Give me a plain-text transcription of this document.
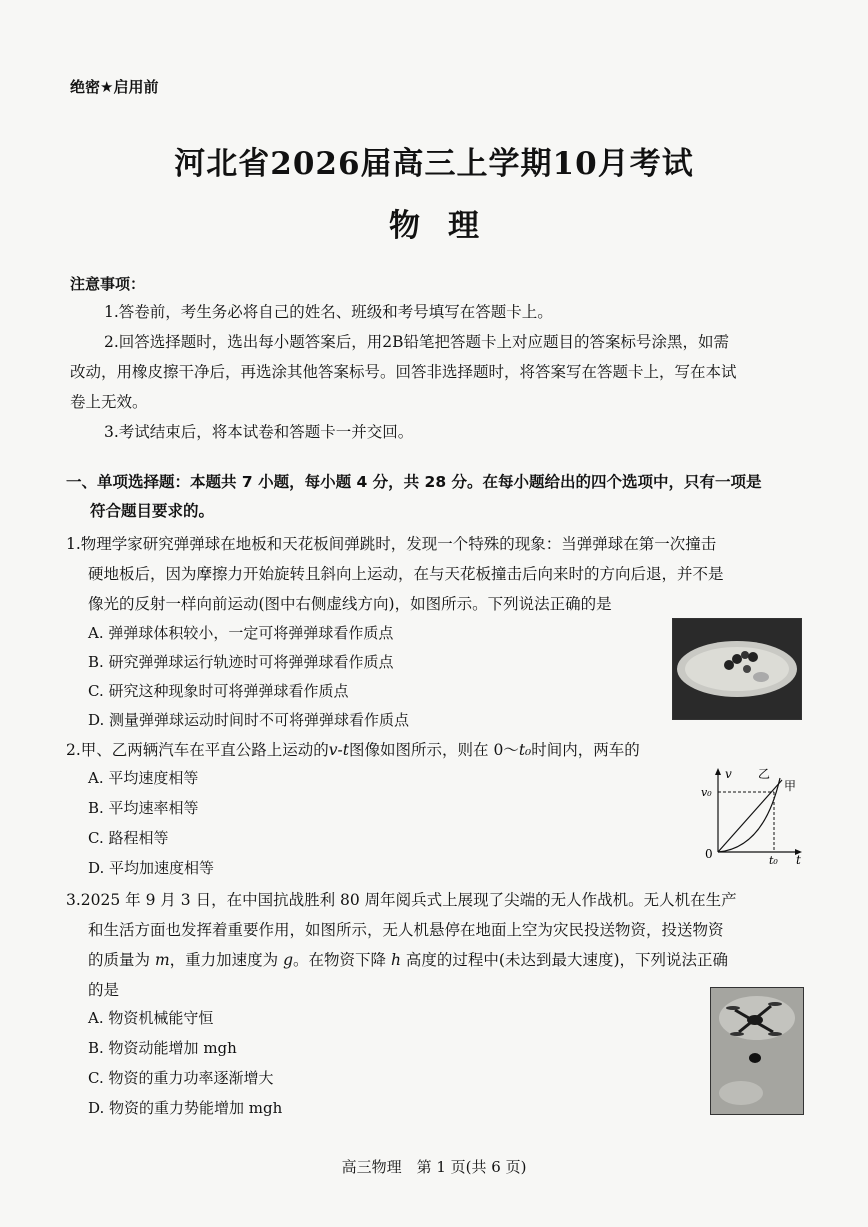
绝密★启用前
河北省2026届高三上学期10月考试
物理
注意事项：
1.答卷前，考生务必将自己的姓名、班级和考号填写在答题卡上。
2.回答选择题时，选出每小题答案后，用2B铅笔把答题卡上对应题目的答案标号涂黑，如需
改动，用橡皮擦干净后，再选涂其他答案标号。回答非选择题时，将答案写在答题卡上，写在本试
卷上无效。
3.考试结束后，将本试卷和答题卡一并交回。
一、单项选择题：本题共 7 小题，每小题 4 分，共 28 分。在每小题给出的四个选项中，只有一项是
符合题目要求的。
1.物理学家研究弹弹球在地板和天花板间弹跳时，发现一个特殊的现象：当弹弹球在第一次撞击
硬地板后，因为摩擦力开始旋转且斜向上运动，在与天花板撞击后向来时的方向后退，并不是
像光的反射一样向前运动(图中右侧虚线方向)，如图所示。下列说法正确的是
A. 弹弹球体积较小，一定可将弹弹球看作质点
B. 研究弹弹球运行轨迹时可将弹弹球看作质点
C. 研究这种现象时可将弹弹球看作质点
D. 测量弹弹球运动时间时不可将弹弹球看作质点
2.甲、乙两辆汽车在平直公路上运动的v-t图像如图所示，则在 0～t₀时间内，两车的
A. 平均速度相等
B. 平均速率相等
C. 路程相等
D. 平均加速度相等
v
t
0
v₀
t₀
乙
甲
3.2025 年 9 月 3 日，在中国抗战胜利 80 周年阅兵式上展现了尖端的无人作战机。无人机在生产
和生活方面也发挥着重要作用，如图所示，无人机悬停在地面上空为灾民投送物资，投送物资
的质量为 m，重力加速度为 g。在物资下降 h 高度的过程中(未达到最大速度)，下列说法正确
的是
A. 物资机械能守恒
B. 物资动能增加 mgh
C. 物资的重力功率逐渐增大
D. 物资的重力势能增加 mgh
高三物理　第 1 页(共 6 页)
